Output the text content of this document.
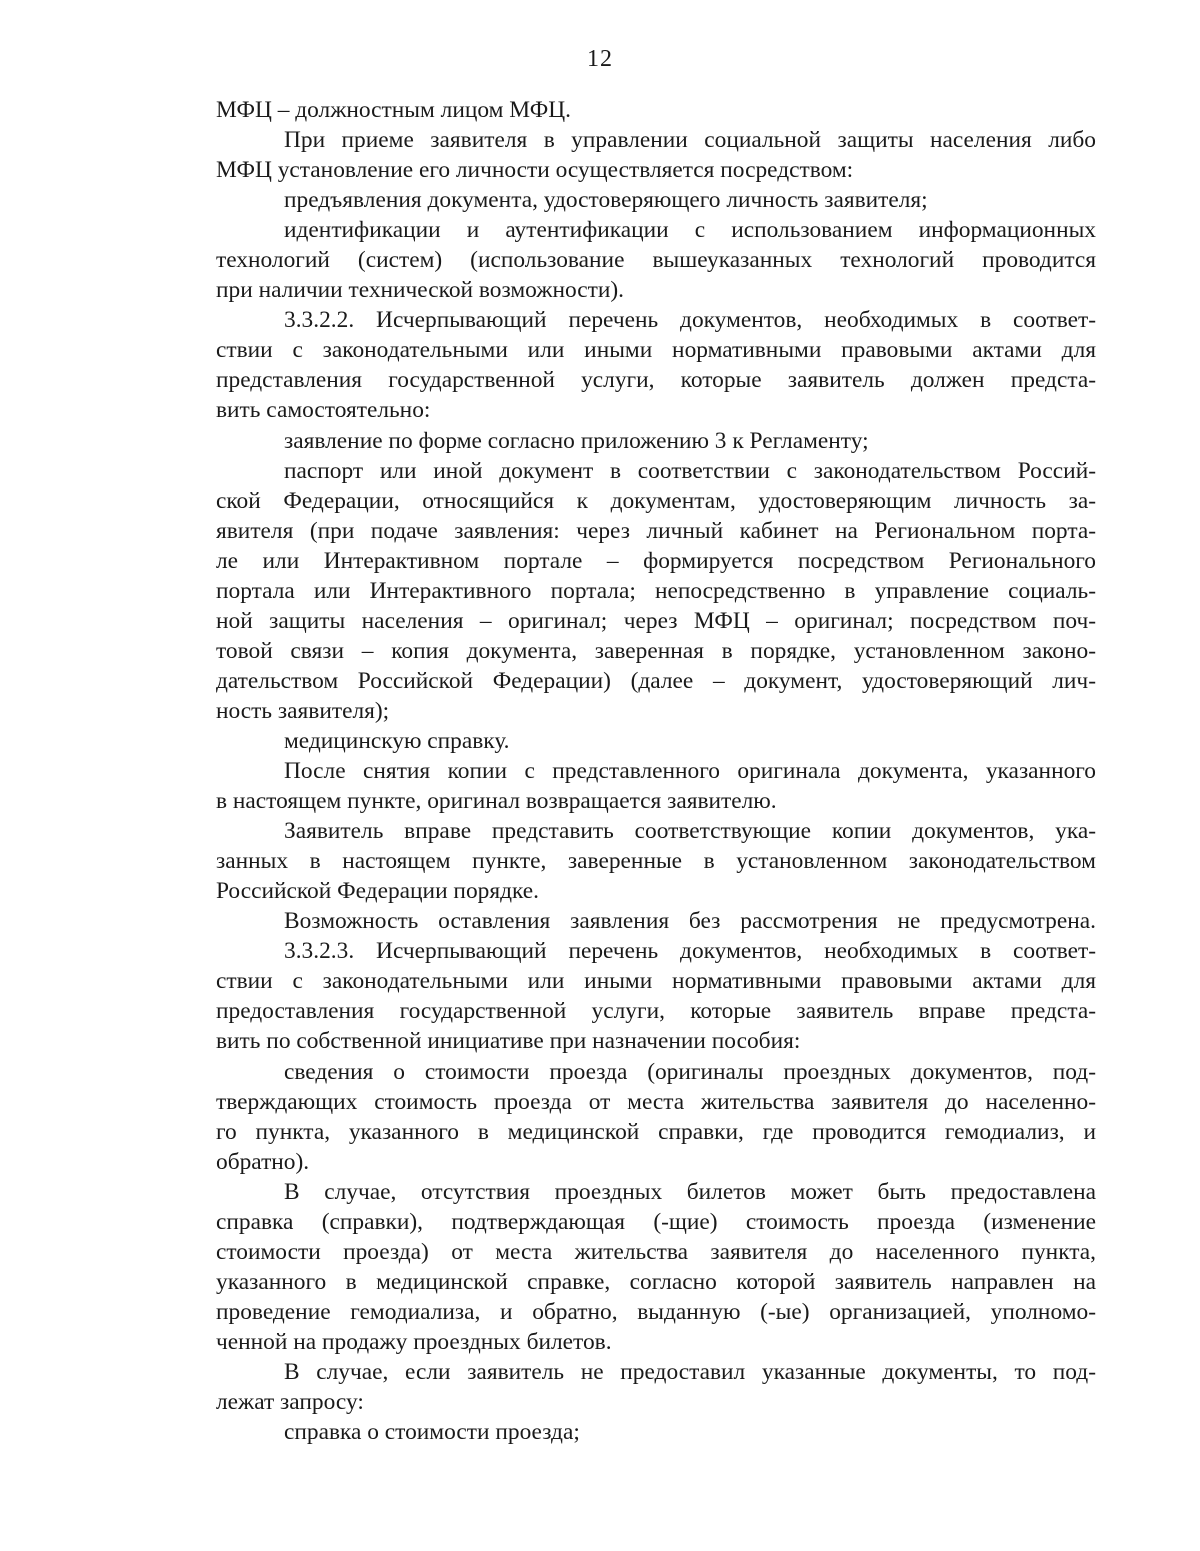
12
МФЦ – должностным лицом МФЦ.
При приеме заявителя в управлении социальной защиты населения либо
МФЦ установление его личности осуществляется посредством:
предъявления документа, удостоверяющего личность заявителя;
идентификации и аутентификации с использованием информационных
технологий (систем) (использование вышеуказанных технологий проводится
при наличии технической возможности).
3.3.2.2. Исчерпывающий перечень документов, необходимых в соответ-
ствии с законодательными или иными нормативными правовыми актами для
представления государственной услуги, которые заявитель должен предста-
вить самостоятельно:
заявление по форме согласно приложению 3 к Регламенту;
паспорт или иной документ в соответствии с законодательством Россий-
ской Федерации, относящийся к документам, удостоверяющим личность за-
явителя (при подаче заявления: через личный кабинет на Региональном порта-
ле или Интерактивном портале – формируется посредством Регионального
портала или Интерактивного портала; непосредственно в управление социаль-
ной защиты населения – оригинал; через МФЦ – оригинал; посредством поч-
товой связи – копия документа, заверенная в порядке, установленном законо-
дательством Российской Федерации) (далее – документ, удостоверяющий лич-
ность заявителя);
медицинскую справку.
После снятия копии с представленного оригинала документа, указанного
в настоящем пункте, оригинал возвращается заявителю.
Заявитель вправе представить соответствующие копии документов, ука-
занных в настоящем пункте, заверенные в установленном законодательством
Российской Федерации порядке.
Возможность оставления заявления без рассмотрения не предусмотрена.
3.3.2.3. Исчерпывающий перечень документов, необходимых в соответ-
ствии с законодательными или иными нормативными правовыми актами для
предоставления государственной услуги, которые заявитель вправе предста-
вить по собственной инициативе при назначении пособия:
сведения о стоимости проезда (оригиналы проездных документов, под-
тверждающих стоимость проезда от места жительства заявителя до населенно-
го пункта, указанного в медицинской справки, где проводится гемодиализ, и
обратно).
В случае, отсутствия проездных билетов может быть предоставлена
справка (справки), подтверждающая (-щие) стоимость проезда (изменение
стоимости проезда) от места жительства заявителя до населенного пункта,
указанного в медицинской справке, согласно которой заявитель направлен на
проведение гемодиализа, и обратно, выданную (-ые) организацией, уполномо-
ченной на продажу проездных билетов.
В случае, если заявитель не предоставил указанные документы, то под-
лежат запросу:
справка о стоимости проезда;
